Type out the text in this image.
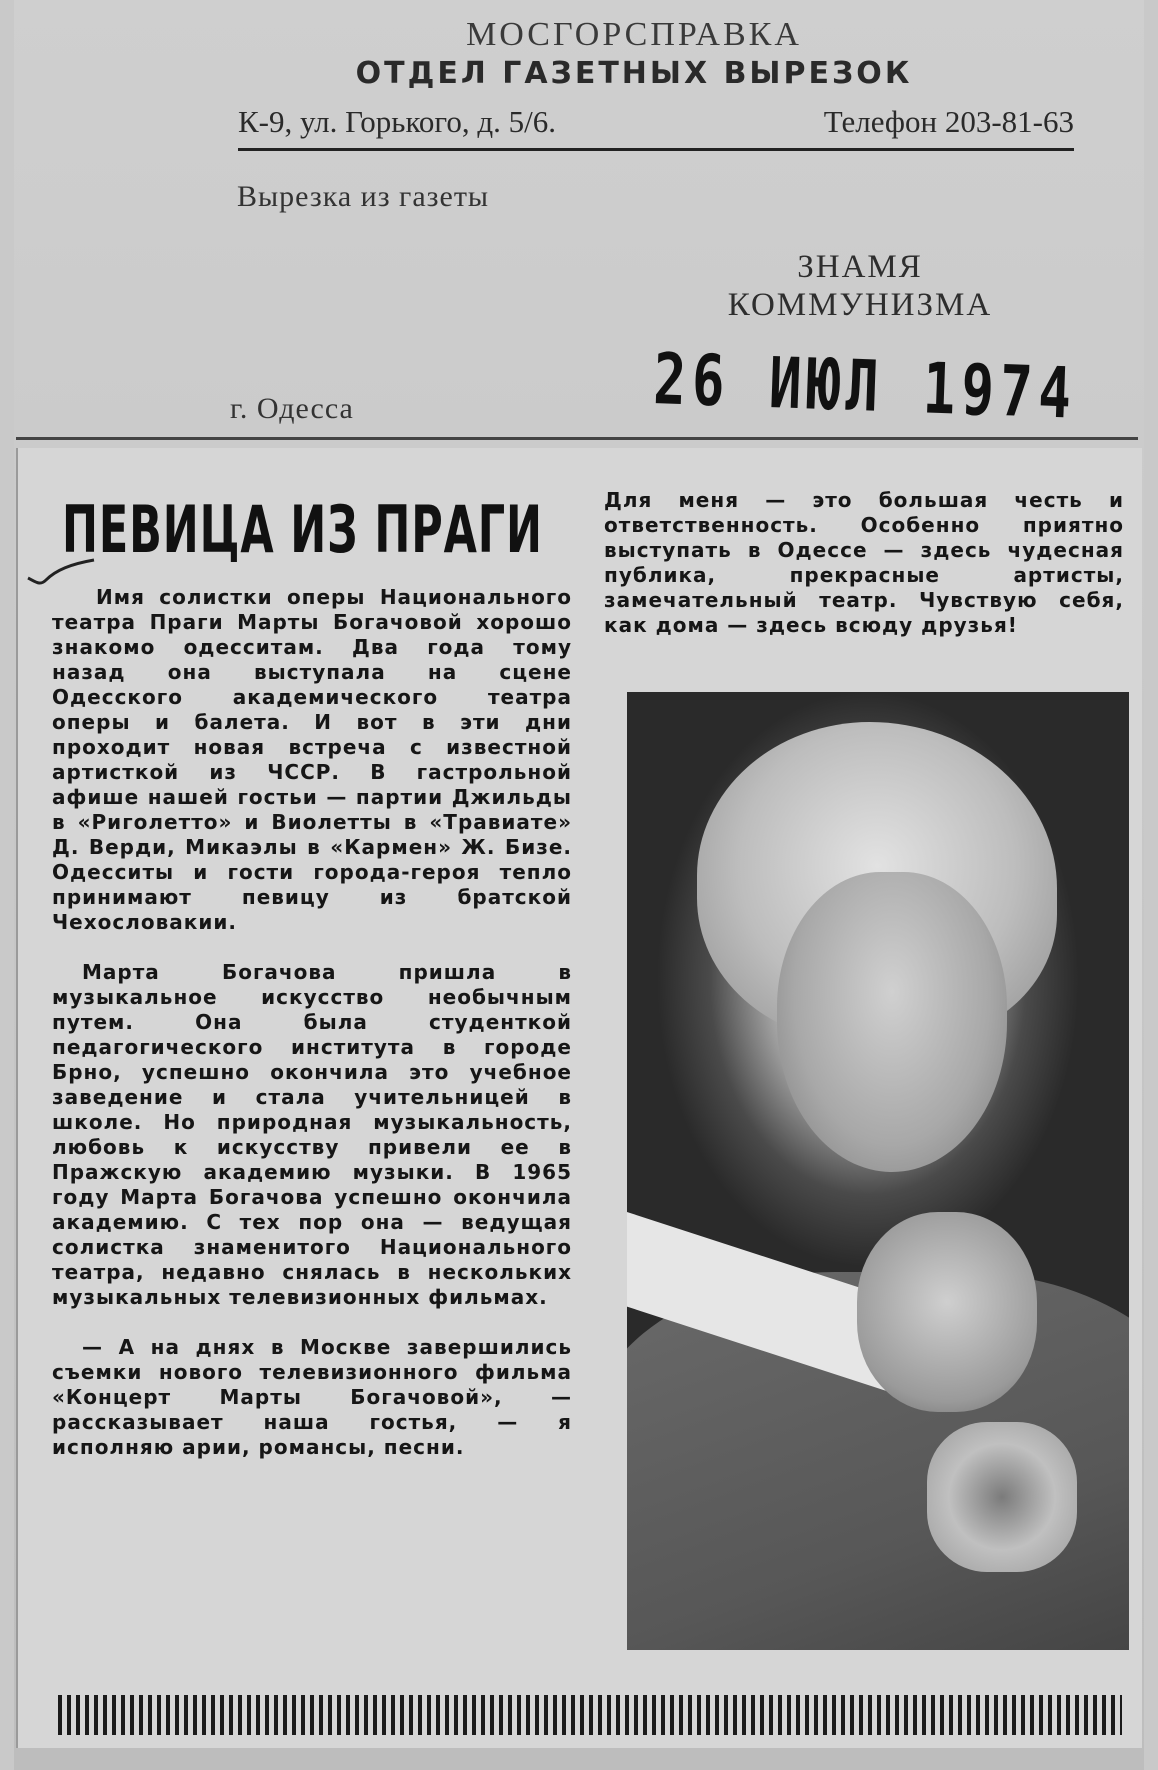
МОСГОРСПРАВКА
ОТДЕЛ ГАЗЕТНЫХ ВЫРЕЗОК
К-9, ул. Горького, д. 5/6.	Телефон 203-81-63
Вырезка из газеты
ЗНАМЯ
КОММУНИЗМА
26 ИЮЛ 1974
г. Одесса
ПЕВИЦА ИЗ ПРАГИ

Имя солистки оперы Национального театра Праги Марты Богачовой хорошо знакомо одесситам. Два года тому назад она выступала на сцене Одесского академического театра оперы и балета. И вот в эти дни проходит новая встреча с известной артисткой из ЧССР. В гастрольной афише нашей гостьи — партии Джильды в «Риголетто» и Виолетты в «Травиате» Д. Верди, Микаэлы в «Кармен» Ж. Бизе. Одесситы и гости города-героя тепло принимают певицу из братской Чехословакии.

Марта Богачова пришла в музыкальное искусство необычным путем. Она была студенткой педагогического института в городе Брно, успешно окончила это учебное заведение и стала учительницей в школе. Но природная музыкальность, любовь к искусству привели ее в Пражскую академию музыки. В 1965 году Марта Богачова успешно окончила академию. С тех пор она — ведущая солистка знаменитого Национального театра, недавно снялась в нескольких музыкальных телевизионных фильмах.

— А на днях в Москве завершились съемки нового телевизионного фильма «Концерт Марты Богачовой», — рассказывает наша гостья, — я исполняю арии, романсы, песни.

Для меня — это большая честь и ответственность. Особенно приятно выступать в Одессе — здесь чудесная публика, прекрасные артисты, замечательный театр. Чувствую себя, как дома — здесь всюду друзья!
